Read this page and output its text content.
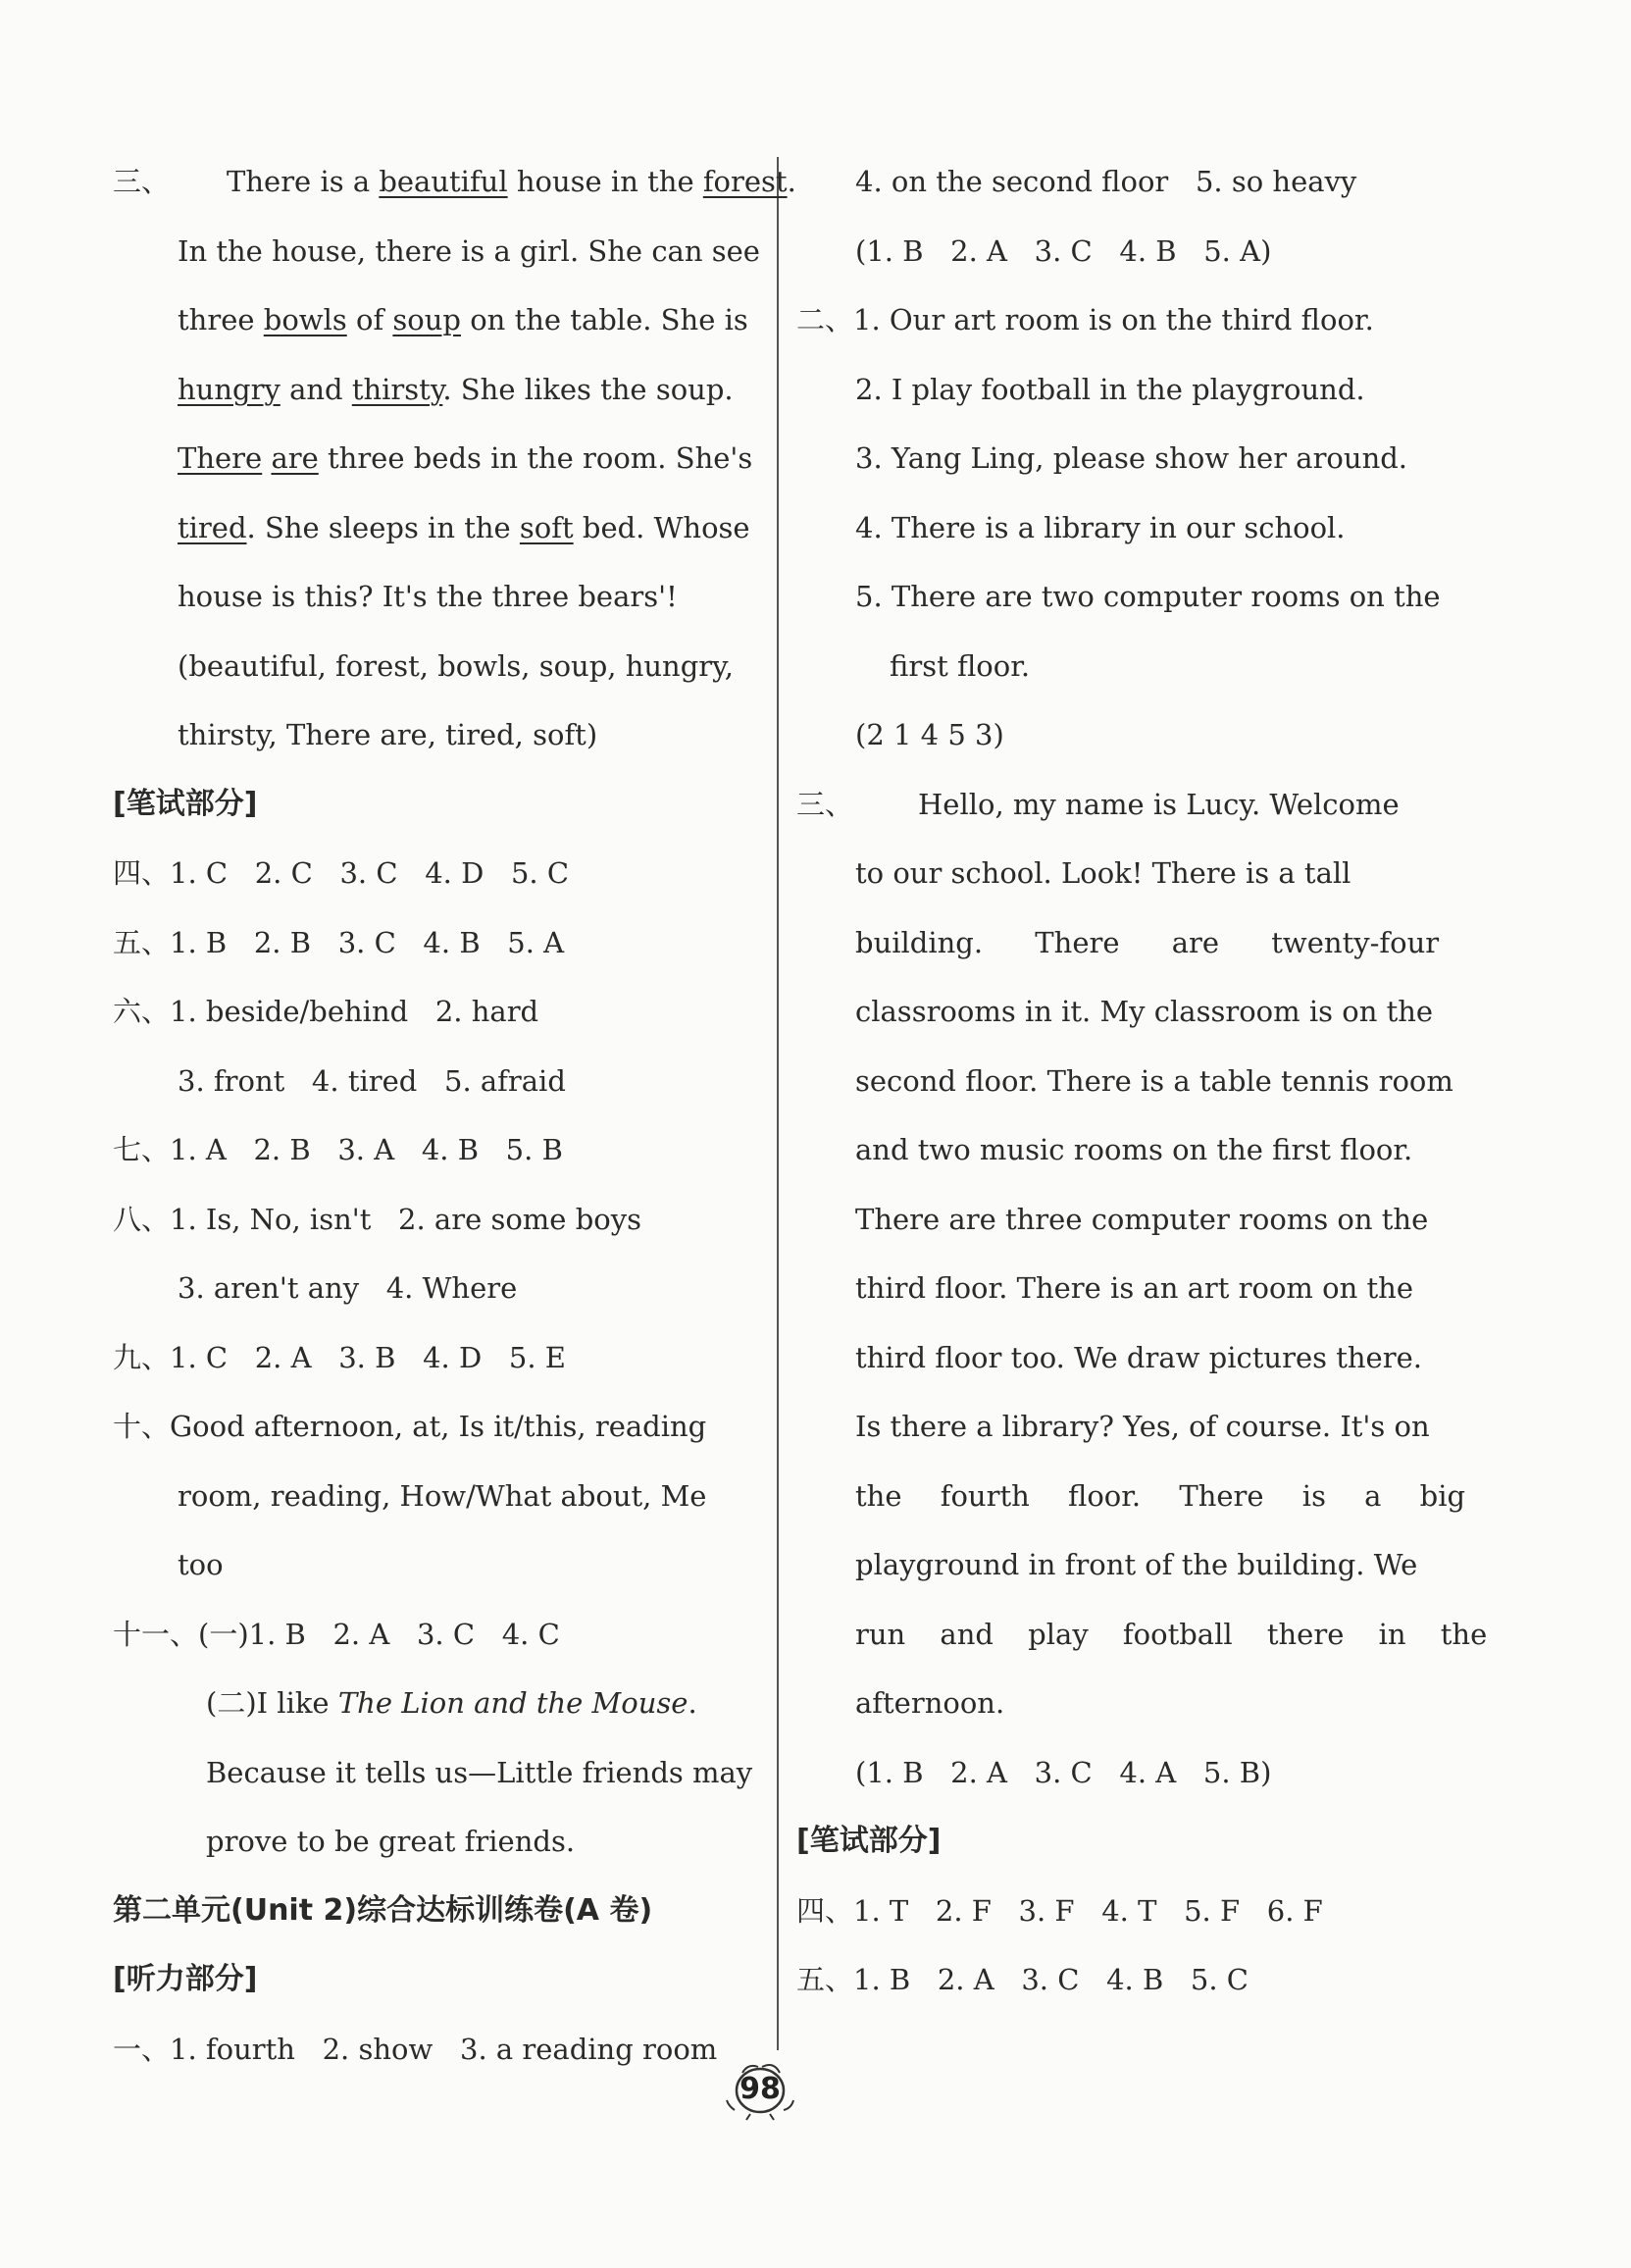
三、 There is a beautiful house in the forest.
In the house, there is a girl. She can see
three bowls of soup on the table. She is
hungry and thirsty. She likes the soup.
There are three beds in the room. She's
tired. She sleeps in the soft bed. Whose
house is this? It's the three bears'!
(beautiful, forest, bowls, soup, hungry,
thirsty, There are, tired, soft)
[笔试部分]
四、1. C   2. C   3. C   4. D   5. C
五、1. B   2. B   3. C   4. B   5. A
六、1. beside/behind   2. hard
3. front   4. tired   5. afraid
七、1. A   2. B   3. A   4. B   5. B
八、1. Is, No, isn't   2. are some boys
3. aren't any   4. Where
九、1. C   2. A   3. B   4. D   5. E
十、Good afternoon, at, Is it/this, reading
room, reading, How/What about, Me
too
十一、(一)1. B   2. A   3. C   4. C
(二)I like The Lion and the Mouse.
Because it tells us—Little friends may
prove to be great friends.
第二单元(Unit 2)综合达标训练卷(A 卷)
[听力部分]
一、1. fourth   2. show   3. a reading room
4. on the second floor   5. so heavy
(1. B   2. A   3. C   4. B   5. A)
二、1. Our art room is on the third floor.
2. I play football in the playground.
3. Yang Ling, please show her around.
4. There is a library in our school.
5. There are two computer rooms on the
first floor.
(2 1 4 5 3)
三、 Hello, my name is Lucy. Welcome
to our school. Look! There is a tall
building. There are twenty-four
classrooms in it. My classroom is on the
second floor. There is a table tennis room
and two music rooms on the first floor.
There are three computer rooms on the
third floor. There is an art room on the
third floor too. We draw pictures there.
Is there a library? Yes, of course. It's on
the fourth floor. There is a big
playground in front of the building. We
run and play football there in the
afternoon.
(1. B   2. A   3. C   4. A   5. B)
[笔试部分]
四、1. T   2. F   3. F   4. T   5. F   6. F
五、1. B   2. A   3. C   4. B   5. C
98
